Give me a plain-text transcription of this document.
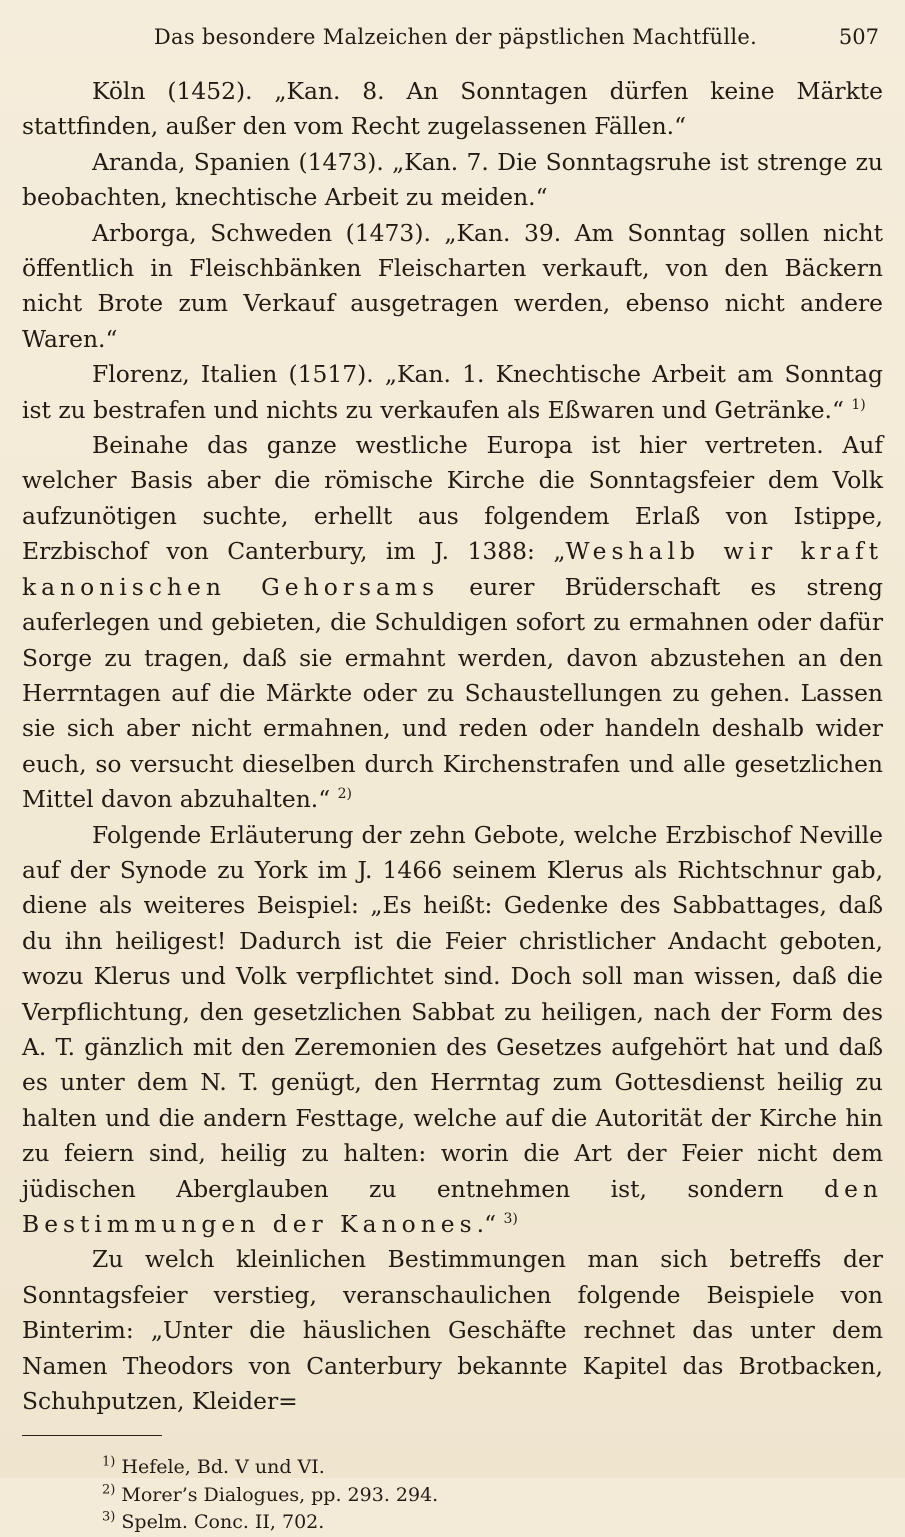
Das besondere Malzeichen der päpstlichen Machtfülle.	507

Köln (1452). „Kan. 8. An Sonntagen dürfen keine Märkte stattfinden, außer den vom Recht zugelassenen Fällen.“

Aranda, Spanien (1473). „Kan. 7. Die Sonntagsruhe ist strenge zu beobachten, knechtische Arbeit zu meiden.“

Arborga, Schweden (1473). „Kan. 39. Am Sonntag sollen nicht öffentlich in Fleischbänken Fleischarten verkauft, von den Bäckern nicht Brote zum Verkauf ausgetragen werden, ebenso nicht andere Waren.“

Florenz, Italien (1517). „Kan. 1. Knechtische Arbeit am Sonntag ist zu bestrafen und nichts zu verkaufen als Eßwaren und Getränke.“ $^{1)}$

Beinahe das ganze westliche Europa ist hier vertreten. Auf welcher Basis aber die römische Kirche die Sonntagsfeier dem Volk aufzunötigen suchte, erhellt aus folgendem Erlaß von Istippe, Erzbischof von Canterbury, im J. 1388: „Weshalb wir kraft kanonischen Gehorsams eurer Brüderschaft es streng auferlegen und gebieten, die Schuldigen sofort zu ermahnen oder dafür Sorge zu tragen, daß sie ermahnt werden, davon abzustehen an den Herrntagen auf die Märkte oder zu Schaustellungen zu gehen. Lassen sie sich aber nicht ermahnen, und reden oder handeln deshalb wider euch, so versucht dieselben durch Kirchenstrafen und alle gesetzlichen Mittel davon abzuhalten.“ $^{2)}$

Folgende Erläuterung der zehn Gebote, welche Erzbischof Neville auf der Synode zu York im J. 1466 seinem Klerus als Richtschnur gab, diene als weiteres Beispiel: „Es heißt: Gedenke des Sabbattages, daß du ihn heiligest! Dadurch ist die Feier christlicher Andacht geboten, wozu Klerus und Volk verpflichtet sind. Doch soll man wissen, daß die Verpflichtung, den gesetzlichen Sabbat zu heiligen, nach der Form des A. T. gänzlich mit den Zeremonien des Gesetzes aufgehört hat und daß es unter dem N. T. genügt, den Herrntag zum Gottesdienst heilig zu halten und die andern Festtage, welche auf die Autorität der Kirche hin zu feiern sind, heilig zu halten: worin die Art der Feier nicht dem jüdischen Aberglauben zu entnehmen ist, sondern den Bestimmungen der Kanones.“ $^{3)}$

Zu welch kleinlichen Bestimmungen man sich betreffs der Sonntagsfeier verstieg, veranschaulichen folgende Beispiele von Binterim: „Unter die häuslichen Geschäfte rechnet das unter dem Namen Theodors von Canterbury bekannte Kapitel das Brotbacken, Schuhputzen, Kleider=

$^{1)}$ Hefele, Bd. V und VI.

$^{2)}$ Morer’s Dialogues, pp. 293. 294.

$^{3)}$ Spelm. Conc. II, 702.
